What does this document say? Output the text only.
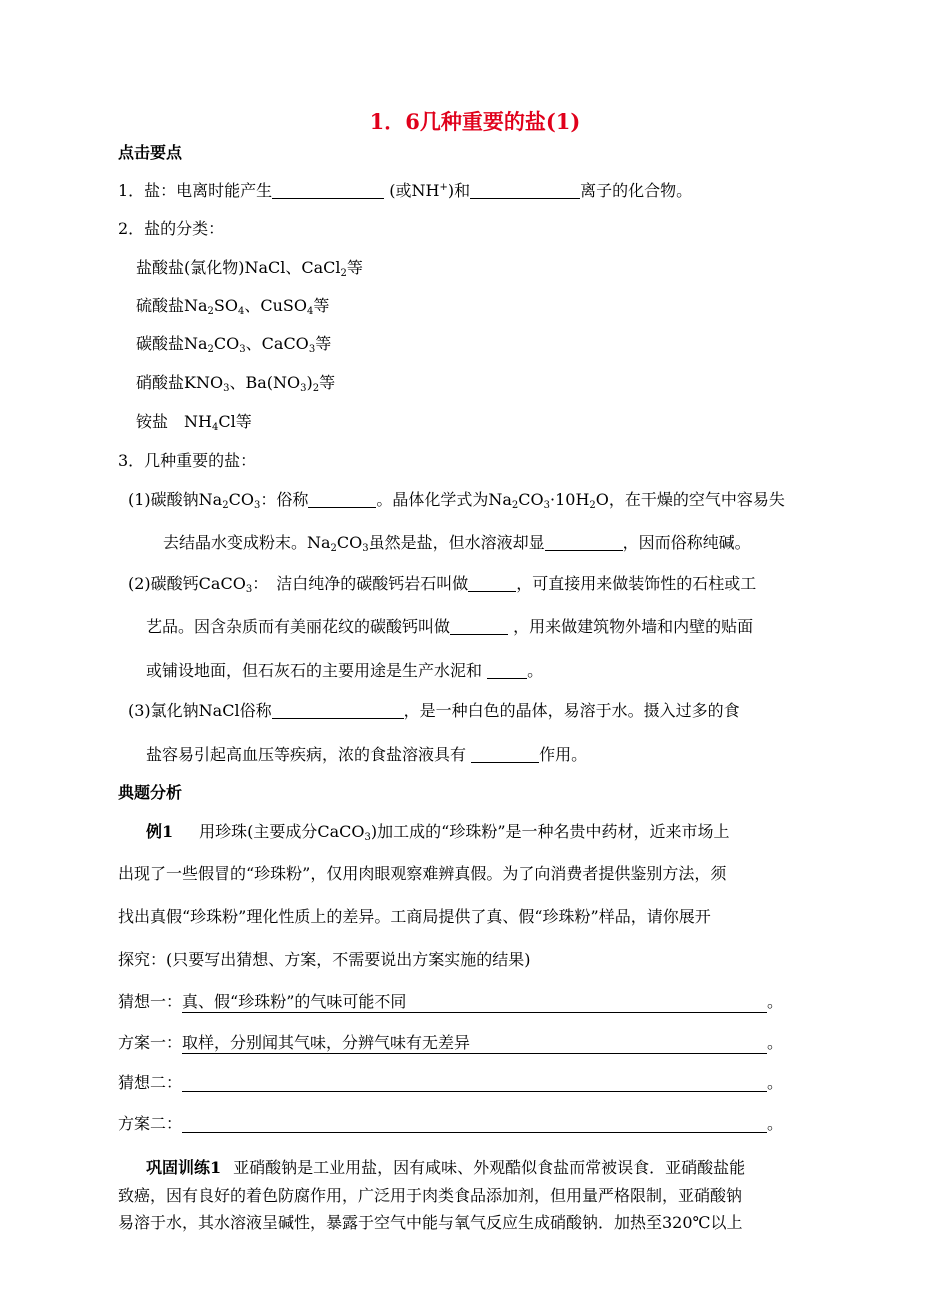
1．6几种重要的盐(1)
点击要点
1．盐：电离时能产生	(或NH+)和	离子的化合物。
2．盐的分类：
盐酸盐(氯化物)NaCl、CaCl$_2$等
硫酸盐$Na_2SO_4$、CuSO$_4$等
碳酸盐$Na_2CO_3$、CaCO$_3$等
硝酸盐$KNO_3$、$Ba(NO_3)_2$等
铵盐　$NH_4Cl$等
3．几种重要的盐：
(1)碳酸钠$Na_2CO_3$：俗称	。晶体化学式为$Na_2CO_3\cdot 10H_2O$，在干燥的空气中容易失
去结晶水变成粉末。$Na_2CO_3$虽然是盐，但水溶液却显	，因而俗称纯碱。
(2)碳酸钙CaCO$_3$：　洁白纯净的碳酸钙岩石叫做	，可直接用来做装饰性的石柱或工
艺品。因含杂质而有美丽花纹的碳酸钙叫做	，用来做建筑物外墙和内壁的贴面
或铺设地面，但石灰石的主要用途是生产水泥和	。
(3)氯化钠NaCl俗称	，是一种白色的晶体，易溶于水。摄入过多的食
盐容易引起高血压等疾病，浓的食盐溶液具有	作用。
典题分析
例1 用珍珠(主要成分CaCO$_3$)加工成的“珍珠粉”是一种名贵中药材，近来市场上
出现了一些假冒的“珍珠粉”，仅用肉眼观察难辨真假。为了向消费者提供鉴别方法，须
找出真假“珍珠粉”理化性质上的差异。工商局提供了真、假“珍珠粉”样品，请你展开
探究：(只要写出猜想、方案，不需要说出方案实施的结果)
猜想一：真、假“珍珠粉”的气味可能不同	。
方案一：取样，分别闻其气味，分辨气味有无差异	。
猜想二：	。
方案二：	。
巩固训练1 亚硝酸钠是工业用盐，因有咸味、外观酷似食盐而常被误食．亚硝酸盐能
致癌，因有良好的着色防腐作用，广泛用于肉类食品添加剂，但用量严格限制，亚硝酸钠
易溶于水，其水溶液呈碱性，暴露于空气中能与氧气反应生成硝酸钠．加热至320℃以上
